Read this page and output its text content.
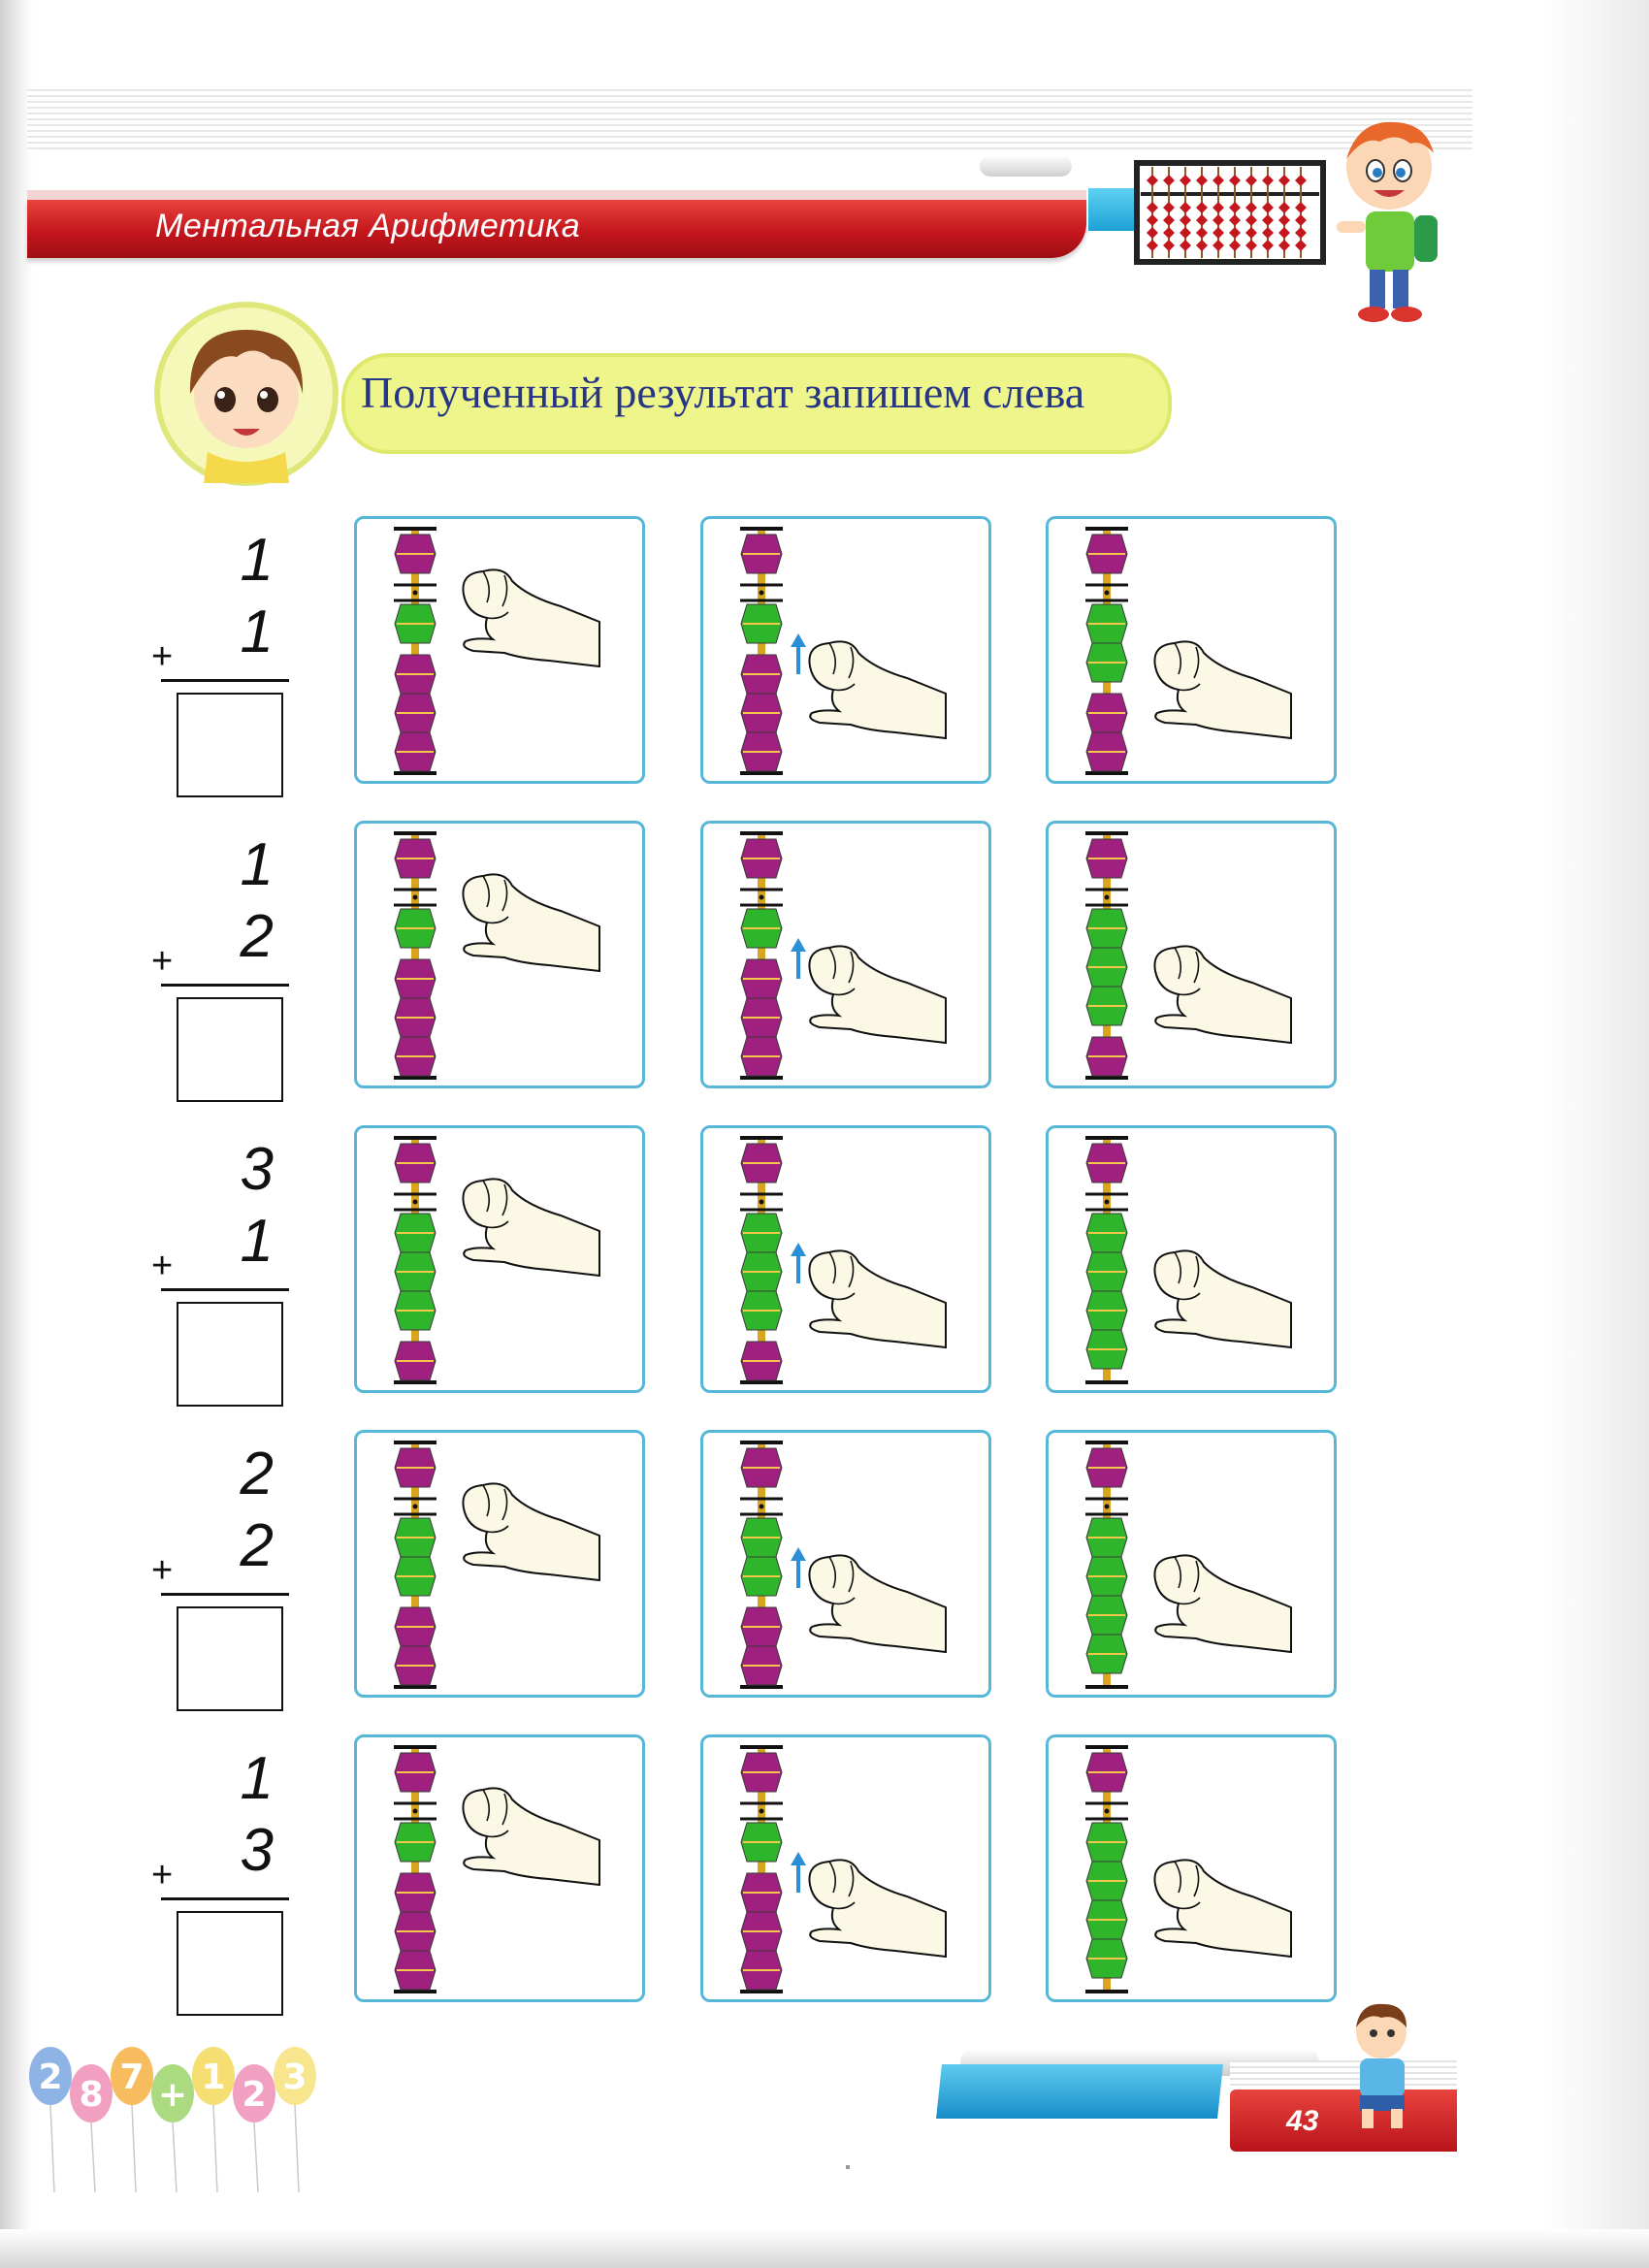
Ментальная Арифметика
Полученный результат запишем слева
1
1
+
1
2
+
3
1
+
2
2
+
1
3
+
2 8 7 + 1 2 3
43
